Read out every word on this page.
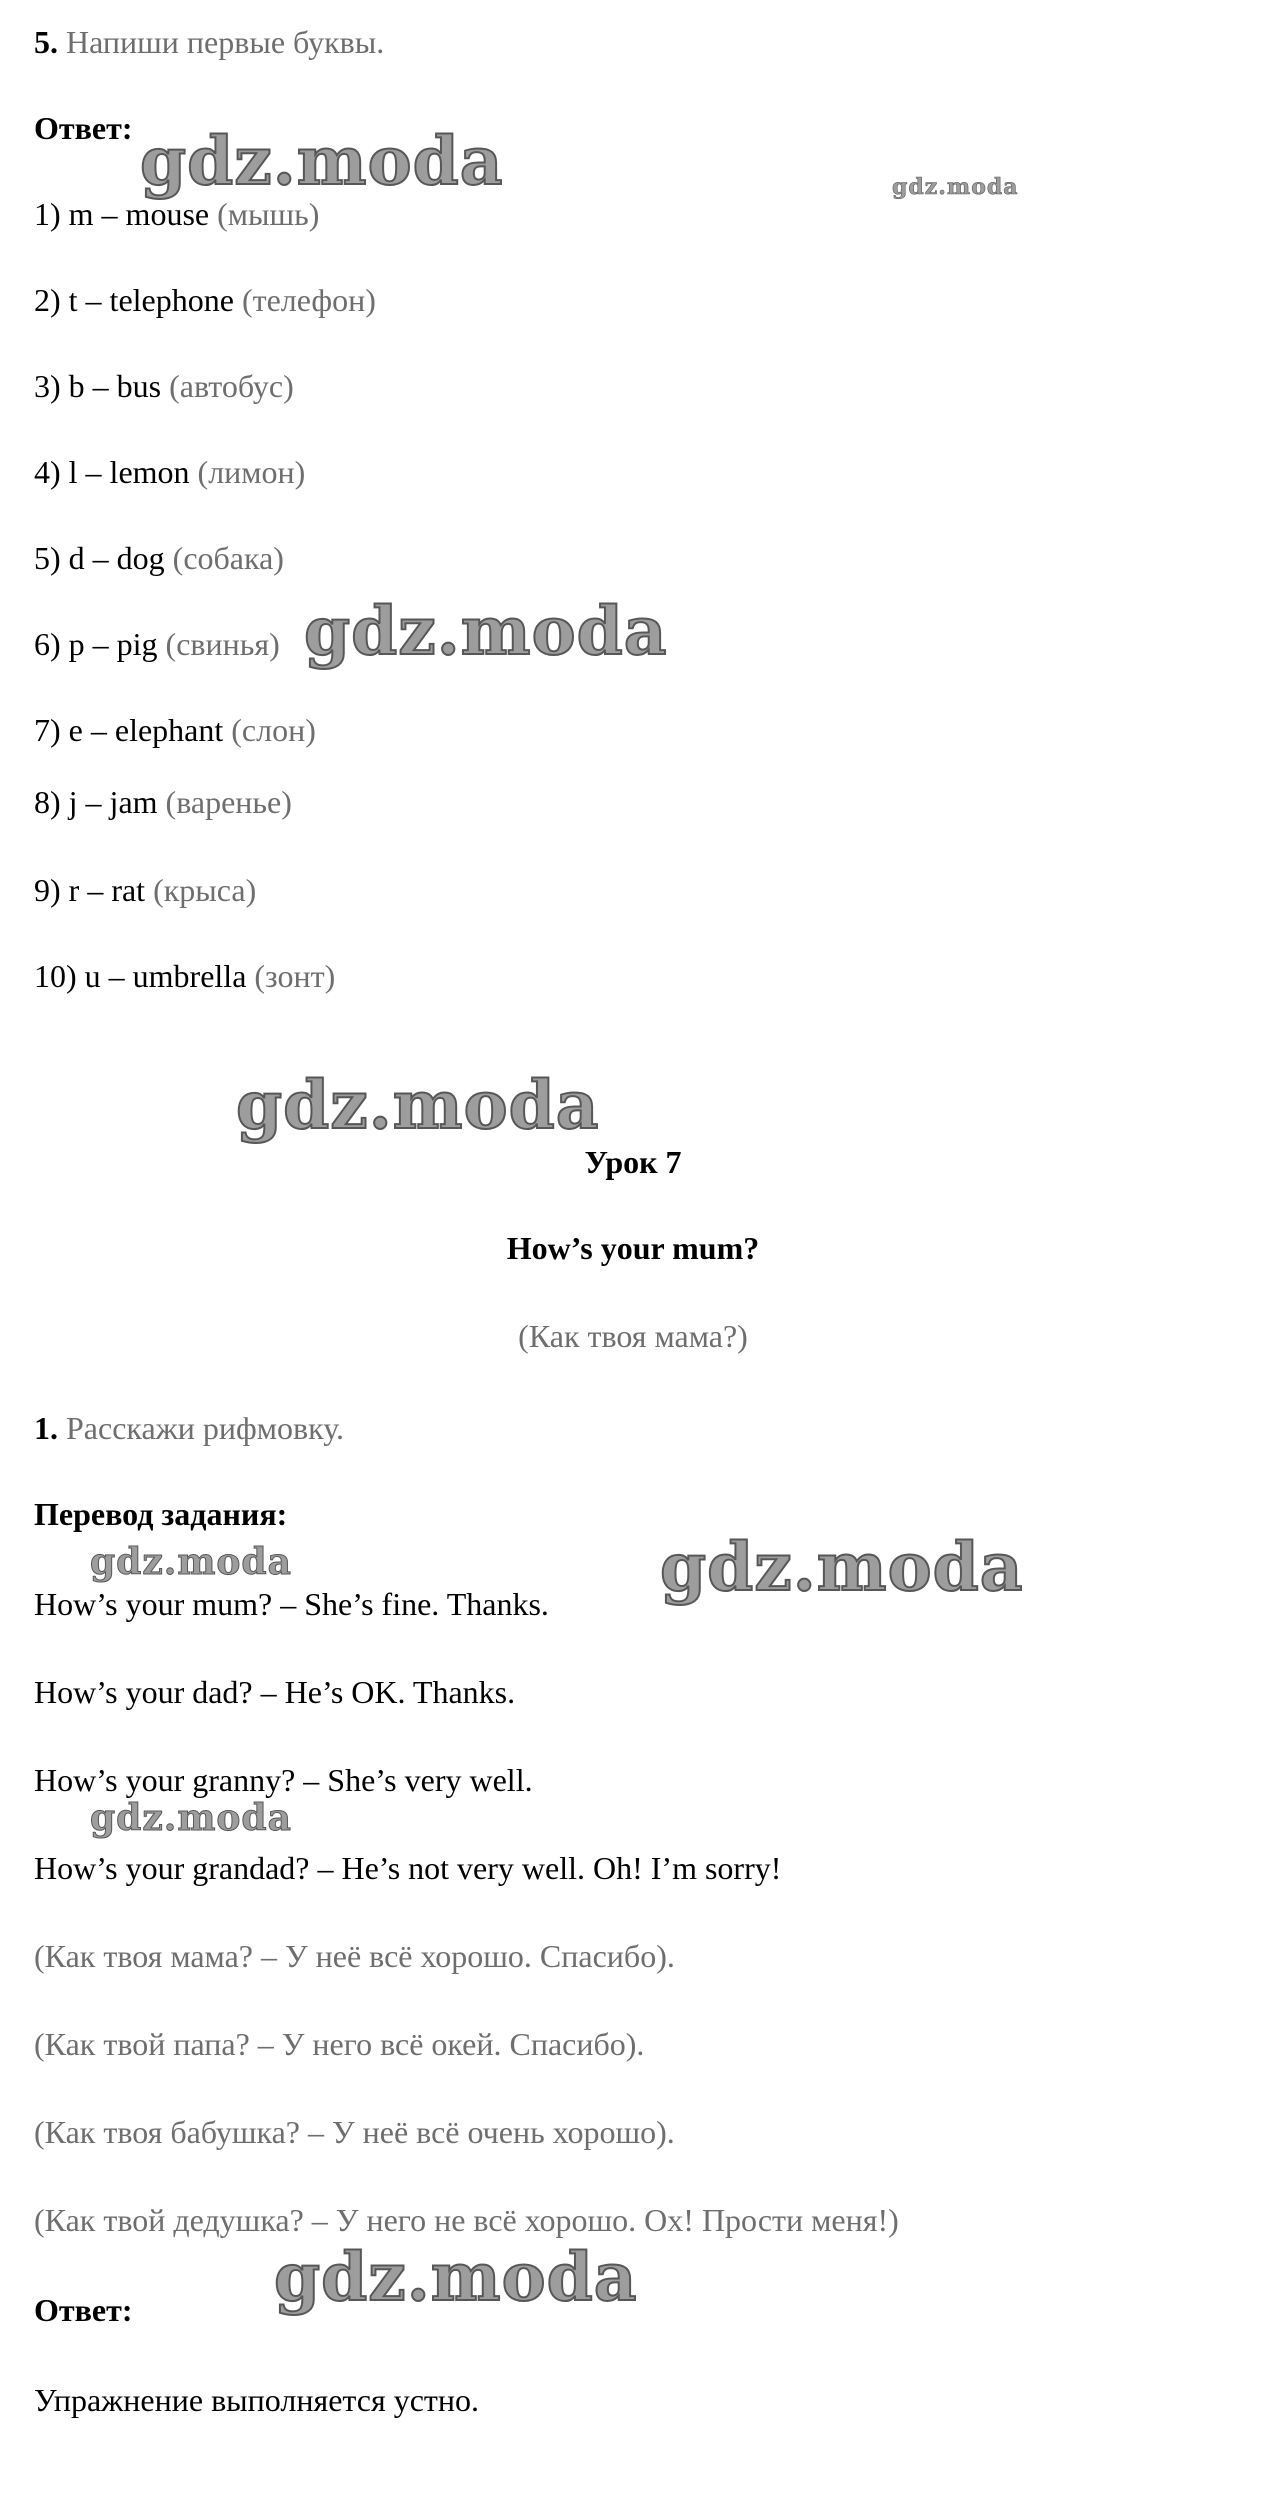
5. Напиши первые буквы.
Ответ:
1) m – mouse (мышь)
2) t – telephone (телефон)
3) b – bus (автобус)
4) l – lemon (лимон)
5) d – dog (собака)
6) p – pig (свинья)
7) e – elephant (слон)
8) j – jam (варенье)
9) r – rat (крыса)
10) u – umbrella (зонт)
Урок 7
How’s your mum?
(Как твоя мама?)
1. Расскажи рифмовку.
Перевод задания:
How’s your mum? – She’s fine. Thanks.
How’s your dad? – He’s OK. Thanks.
How’s your granny? – She’s very well.
How’s your grandad? – He’s not very well. Oh! I’m sorry!
(Как твоя мама? – У неё всё хорошо. Спасибо).
(Как твой папа? – У него всё окей. Спасибо).
(Как твоя бабушка? – У неё всё очень хорошо).
(Как твой дедушка? – У него не всё хорошо. Ох! Прости меня!)
Ответ:
Упражнение выполняется устно.
gdz.moda	gdz.moda
gdz.moda
gdz.moda
gdz.moda	gdz.moda
gdz.moda
gdz.moda
